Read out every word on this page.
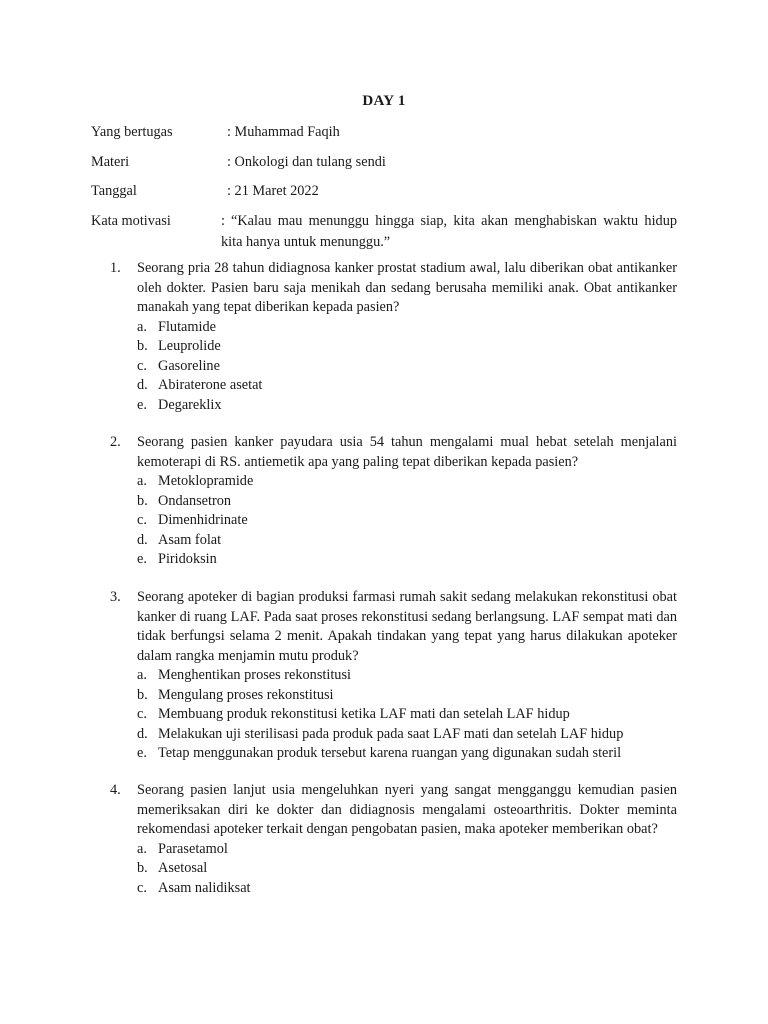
DAY 1
Yang bertugas	: Muhammad Faqih
Materi	: Onkologi dan tulang sendi
Tanggal	: 21 Maret 2022
Kata motivasi	: “Kalau mau menunggu hingga siap, kita akan menghabiskan waktu hidup kita hanya untuk menunggu.”
1. Seorang pria 28 tahun didiagnosa kanker prostat stadium awal, lalu diberikan obat antikanker oleh dokter. Pasien baru saja menikah dan sedang berusaha memiliki anak. Obat antikanker manakah yang tepat diberikan kepada pasien?
a. Flutamide
b. Leuprolide
c. Gasoreline
d. Abiraterone asetat
e. Degareklix
2. Seorang pasien kanker payudara usia 54 tahun mengalami mual hebat setelah menjalani kemoterapi di RS. antiemetik apa yang paling tepat diberikan kepada pasien?
a. Metoklopramide
b. Ondansetron
c. Dimenhidrinate
d. Asam folat
e. Piridoksin
3. Seorang apoteker di bagian produksi farmasi rumah sakit sedang melakukan rekonstitusi obat kanker di ruang LAF. Pada saat proses rekonstitusi sedang berlangsung. LAF sempat mati dan tidak berfungsi selama 2 menit. Apakah tindakan yang tepat yang harus dilakukan apoteker dalam rangka menjamin mutu produk?
a. Menghentikan proses rekonstitusi
b. Mengulang proses rekonstitusi
c. Membuang produk rekonstitusi ketika LAF mati dan setelah LAF hidup
d. Melakukan uji sterilisasi pada produk pada saat LAF mati dan setelah LAF hidup
e. Tetap menggunakan produk tersebut karena ruangan yang digunakan sudah steril
4. Seorang pasien lanjut usia mengeluhkan nyeri yang sangat mengganggu kemudian pasien memeriksakan diri ke dokter dan didiagnosis mengalami osteoarthritis. Dokter meminta rekomendasi apoteker terkait dengan pengobatan pasien, maka apoteker memberikan obat?
a. Parasetamol
b. Asetosal
c. Asam nalidiksat
